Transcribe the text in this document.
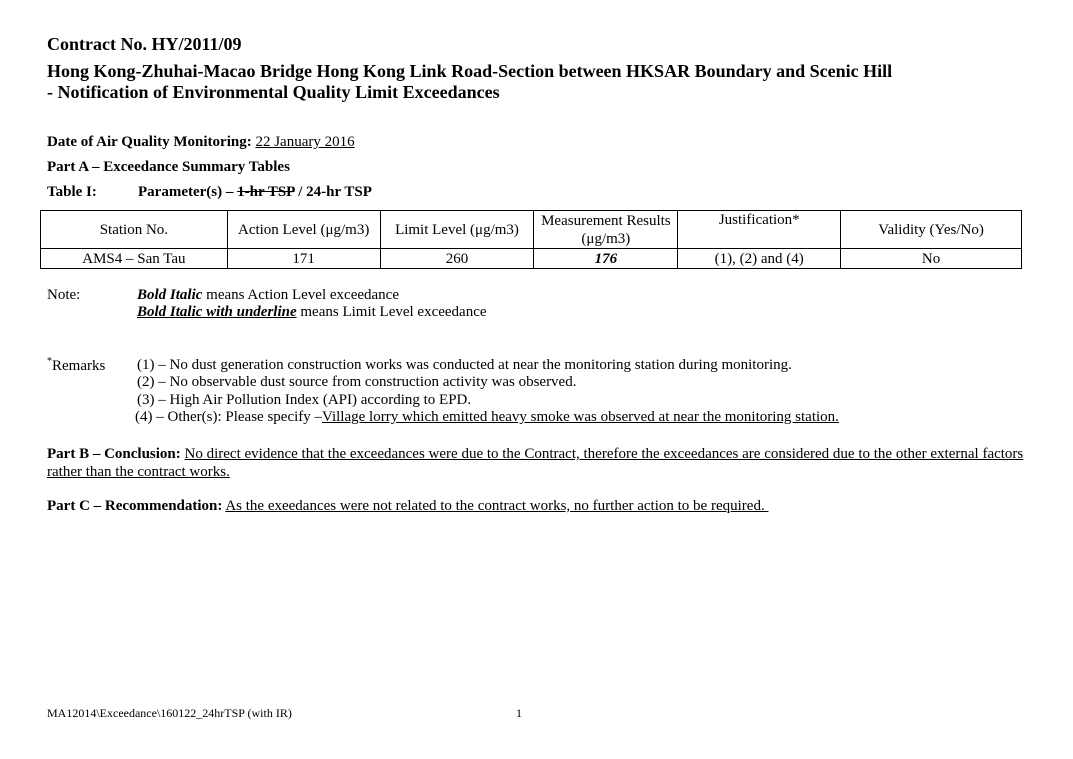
Contract No. HY/2011/09
Hong Kong-Zhuhai-Macao Bridge Hong Kong Link Road-Section between HKSAR Boundary and Scenic Hill
- Notification of Environmental Quality Limit Exceedances
Date of Air Quality Monitoring: 22 January 2016
Part A – Exceedance Summary Tables
Table I:	Parameter(s) – 1-hr TSP / 24-hr TSP
Station No.	Action Level (μg/m3)	Limit Level (μg/m3)	Measurement Results (μg/m3)	Justification*	Validity (Yes/No)
AMS4 – San Tau	171	260	176	(1), (2) and (4)	No
Note:	Bold Italic means Action Level exceedance
Bold Italic with underline means Limit Level exceedance
*Remarks (1) – No dust generation construction works was conducted at near the monitoring station during monitoring.
(2) – No observable dust source from construction activity was observed.
(3) – High Air Pollution Index (API) according to EPD.
(4) – Other(s): Please specify –Village lorry which emitted heavy smoke was observed at near the monitoring station.
Part B – Conclusion: No direct evidence that the exceedances were due to the Contract, therefore the exceedances are considered due to the other external factors rather than the contract works.
Part C – Recommendation: As the exeedances were not related to the contract works, no further action to be required.
MA12014\Exceedance\160122_24hrTSP (with IR)	1
